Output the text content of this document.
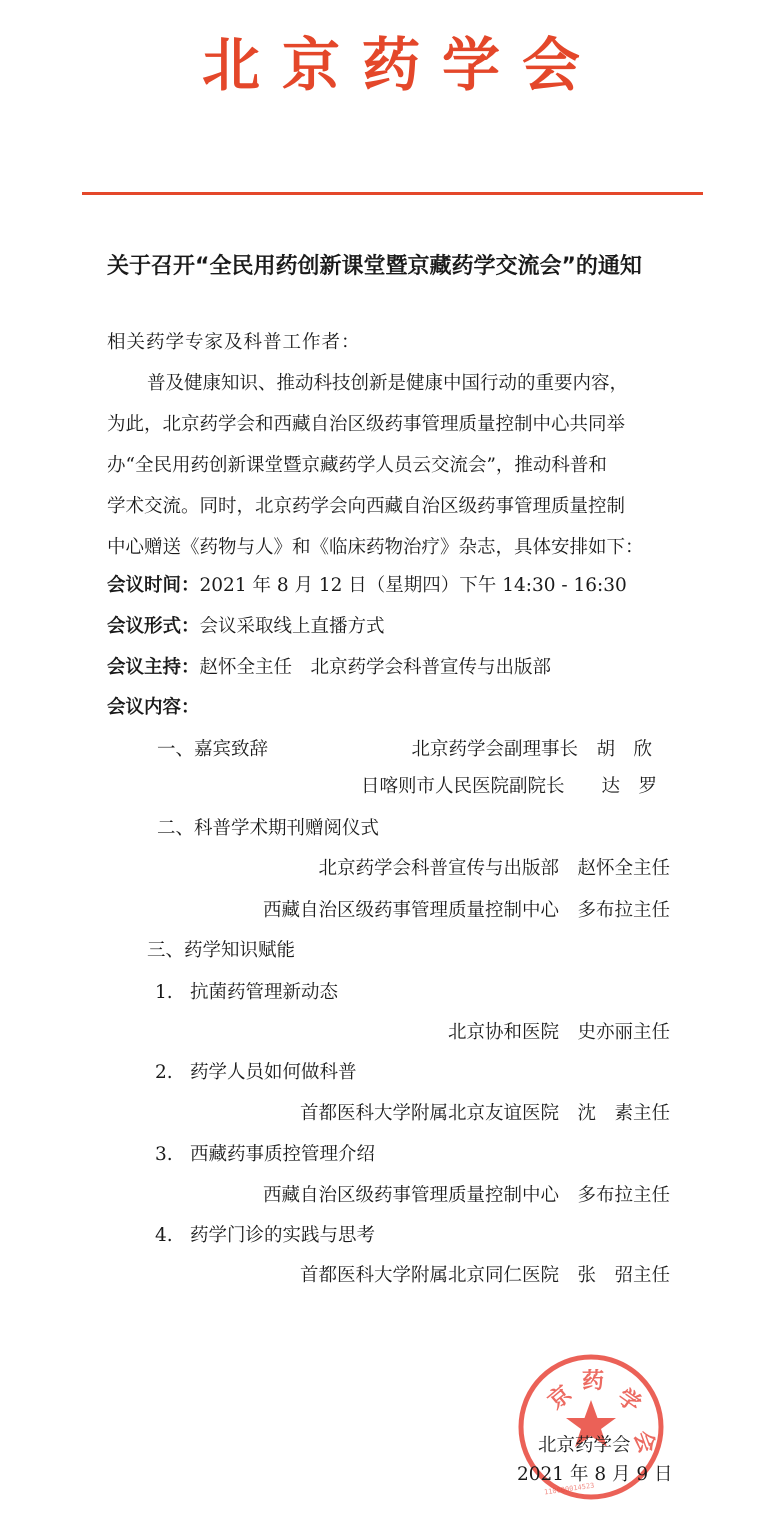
北京药学会
关于召开“全民用药创新课堂暨京藏药学交流会”的通知
相关药学专家及科普工作者：
普及健康知识、推动科技创新是健康中国行动的重要内容，
为此，北京药学会和西藏自治区级药事管理质量控制中心共同举
办“全民用药创新课堂暨京藏药学人员云交流会”，推动科普和
学术交流。同时，北京药学会向西藏自治区级药事管理质量控制
中心赠送《药物与人》和《临床药物治疗》杂志，具体安排如下：
会议时间：2021 年 8 月 12 日（星期四）下午 14:30 - 16:30
会议形式：会议采取线上直播方式
会议主持：赵怀全主任　北京药学会科普宣传与出版部
会议内容：
一、嘉宾致辞	北京药学会副理事长　胡　欣
日喀则市人民医院副院长　　达　罗
二、科普学术期刊赠阅仪式
北京药学会科普宣传与出版部　赵怀全主任
西藏自治区级药事管理质量控制中心　多布拉主任
三、药学知识赋能
1. 抗菌药管理新动态
北京协和医院　史亦丽主任
2. 药学人员如何做科普
首都医科大学附属北京友谊医院　沈　素主任
3. 西藏药事质控管理介绍
西藏自治区级药事管理质量控制中心　多布拉主任
4. 药学门诊的实践与思考
首都医科大学附属北京同仁医院　张　弨主任
京 药
学
会
110000014523
北京药学会
2021 年 8 月 9 日
